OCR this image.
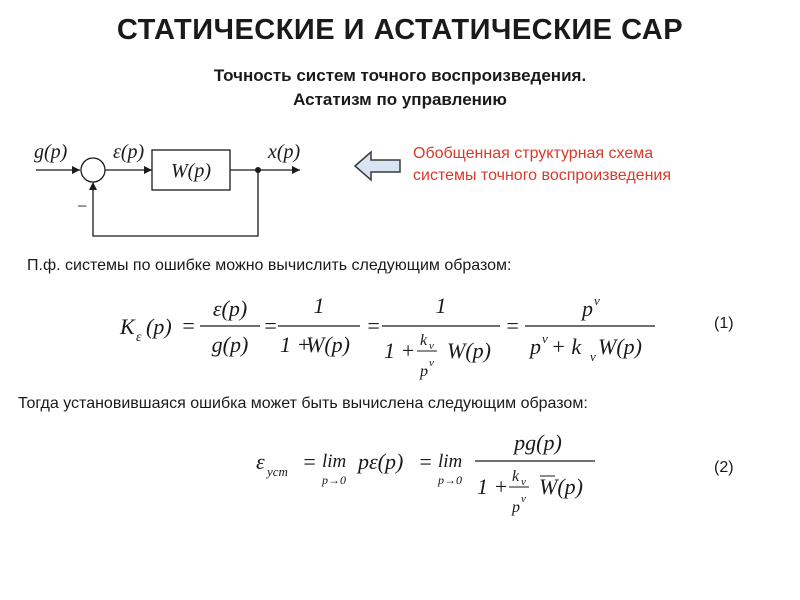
СТАТИЧЕСКИЕ И АСТАТИЧЕСКИЕ САР
Точность систем точного воспроизведения.
Астатизм по управлению
g(p) ε(p)
W(p)
x(p)
−
Обобщенная структурная схема
системы точного воспроизведения
П.ф. системы по ошибке можно вычислить следующим образом:
K ε (p) =
ε(p)
g(p)
=
1
1 +
W(p)
=
1
1 + k ν
p ν W(p)
=
p ν
p ν + k ν W(p)
(1)
Тогда установившаяся ошибка может быть вычислена следующим образом:
ε уст = lim
p→0
pε(p) = lim
p→0
pg(p)
1 + k ν
p ν W(p)
(2)
